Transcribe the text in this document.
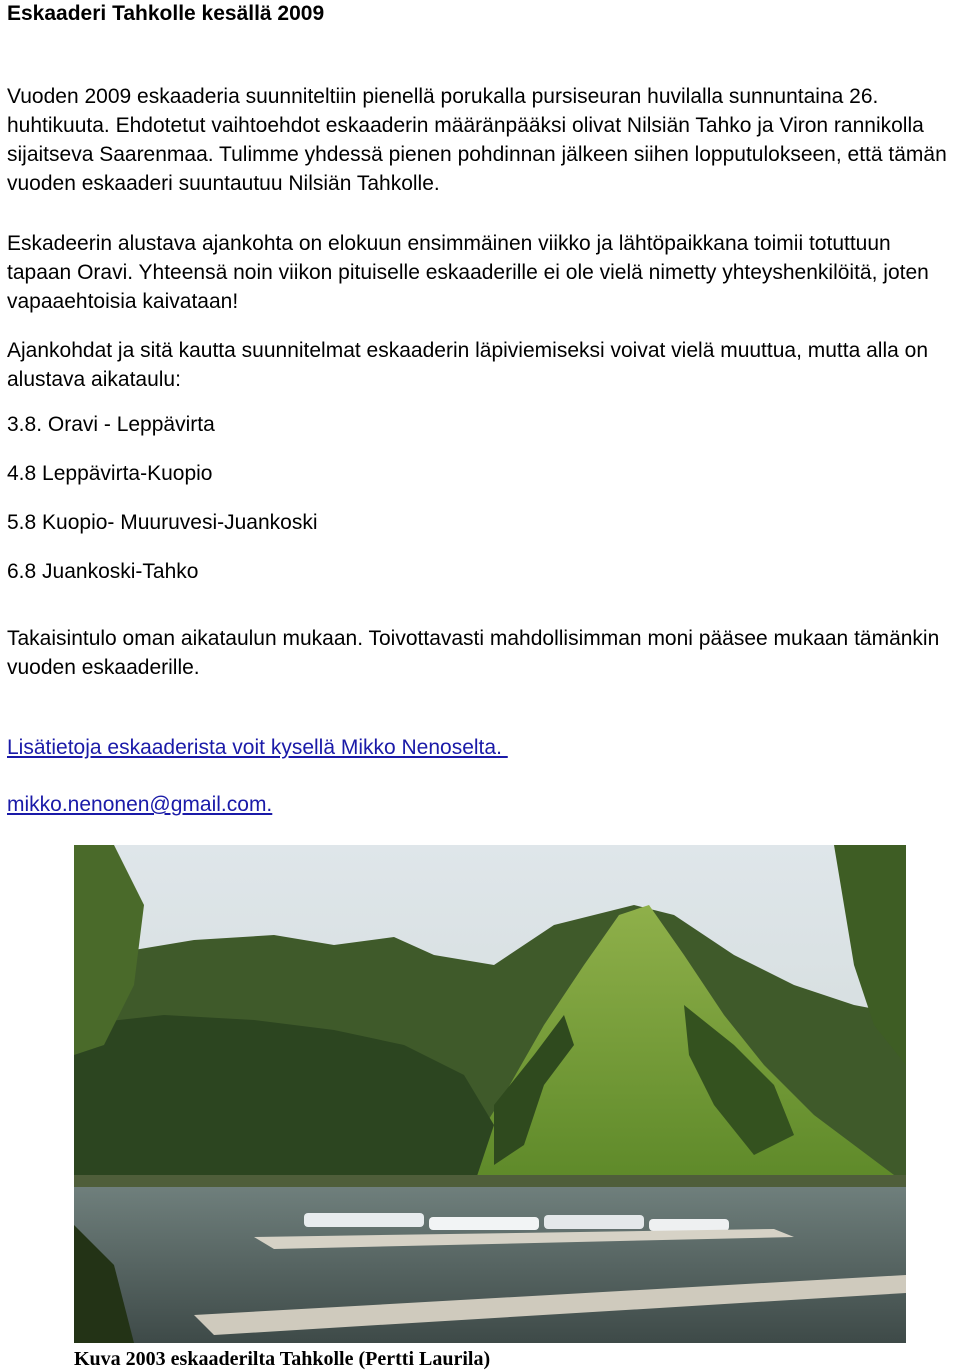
Eskaaderi Tahkolle kesällä 2009

Vuoden 2009 eskaaderia suunniteltiin pienellä porukalla pursiseuran huvilalla sunnuntaina 26. huhtikuuta. Ehdotetut vaihtoehdot eskaaderin määränpääksi olivat Nilsiän Tahko ja Viron rannikolla sijaitseva Saarenmaa. Tulimme yhdessä pienen pohdinnan jälkeen siihen lopputulokseen, että tämän vuoden eskaaderi suuntautuu Nilsiän Tahkolle.

Eskadeerin alustava ajankohta on elokuun ensimmäinen viikko ja lähtöpaikkana toimii totuttuun tapaan Oravi. Yhteensä noin viikon pituiselle eskaaderille ei ole vielä nimetty yhteyshenkilöitä, joten vapaaehtoisia kaivataan!

Ajankohdat ja sitä kautta suunnitelmat eskaaderin läpiviemiseksi voivat vielä muuttua, mutta alla on alustava aikataulu:

3.8. Oravi - Leppävirta

4.8 Leppävirta-Kuopio

5.8 Kuopio- Muuruvesi-Juankoski

6.8 Juankoski-Tahko

Takaisintulo oman aikataulun mukaan. Toivottavasti mahdollisimman moni pääsee mukaan tämänkin vuoden eskaaderille.

Lisätietoja eskaaderista voit kysellä Mikko Nenoselta.
mikko.nenonen@gmail.com.

Kuva 2003 eskaaderilta Tahkolle (Pertti Laurila)
